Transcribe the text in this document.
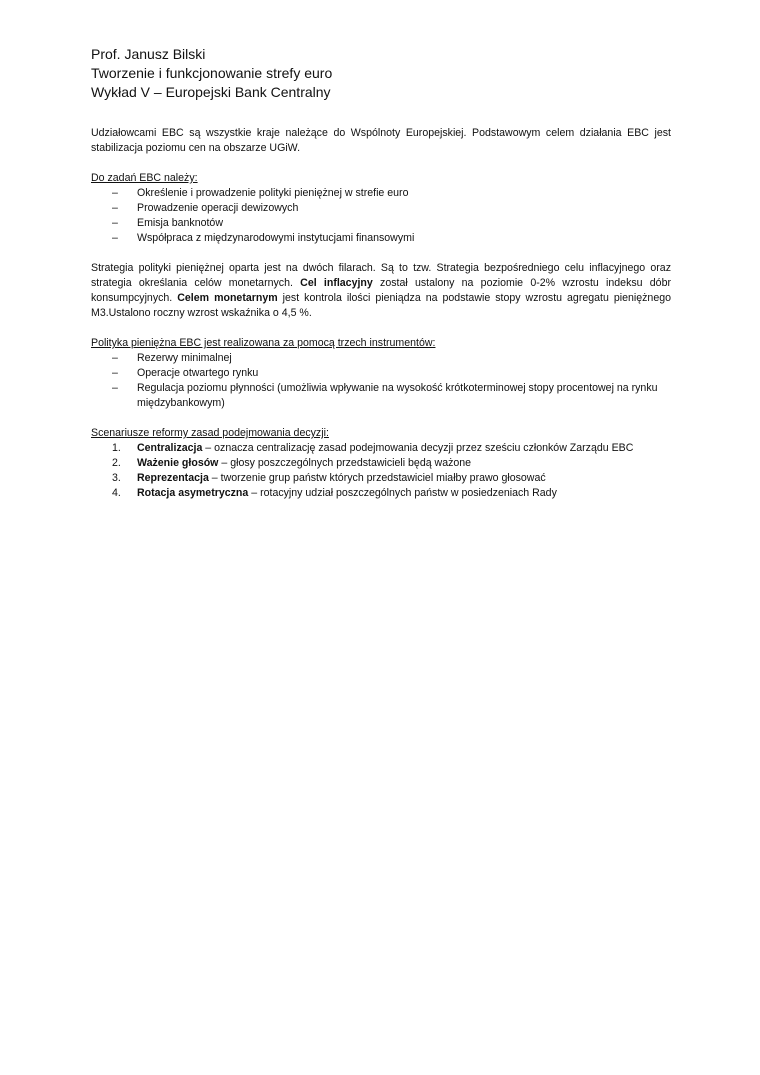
Prof. Janusz Bilski
Tworzenie i funkcjonowanie strefy euro
Wykład V – Europejski Bank Centralny

Udziałowcami EBC są wszystkie kraje należące do Wspólnoty Europejskiej. Podstawowym celem działania EBC jest stabilizacja poziomu cen na obszarze UGiW.

Do zadań EBC należy:

– Określenie i prowadzenie polityki pieniężnej w strefie euro
– Prowadzenie operacji dewizowych
– Emisja banknotów
– Współpraca z międzynarodowymi instytucjami finansowymi

Strategia polityki pieniężnej oparta jest na dwóch filarach. Są to tzw. Strategia bezpośredniego celu inflacyjnego oraz strategia określania celów monetarnych. Cel inflacyjny został ustalony na poziomie 0-2% wzrostu indeksu dóbr konsumpcyjnych. Celem monetarnym jest kontrola ilości pieniądza na podstawie stopy wzrostu agregatu pieniężnego M3.Ustalono roczny wzrost wskaźnika o 4,5 %.

Polityka pieniężna EBC jest realizowana za pomocą trzech instrumentów:

– Rezerwy minimalnej
– Operacje otwartego rynku
– Regulacja poziomu płynności (umożliwia wpływanie na wysokość krótkoterminowej stopy procentowej na rynku międzybankowym)

Scenariusze reformy zasad podejmowania decyzji:

1. Centralizacja – oznacza centralizację zasad podejmowania decyzji przez sześciu członków Zarządu EBC
2. Ważenie głosów – głosy poszczególnych przedstawicieli będą ważone
3. Reprezentacja – tworzenie grup państw których przedstawiciel miałby prawo głosować
4. Rotacja asymetryczna – rotacyjny udział poszczególnych państw w posiedzeniach Rady
